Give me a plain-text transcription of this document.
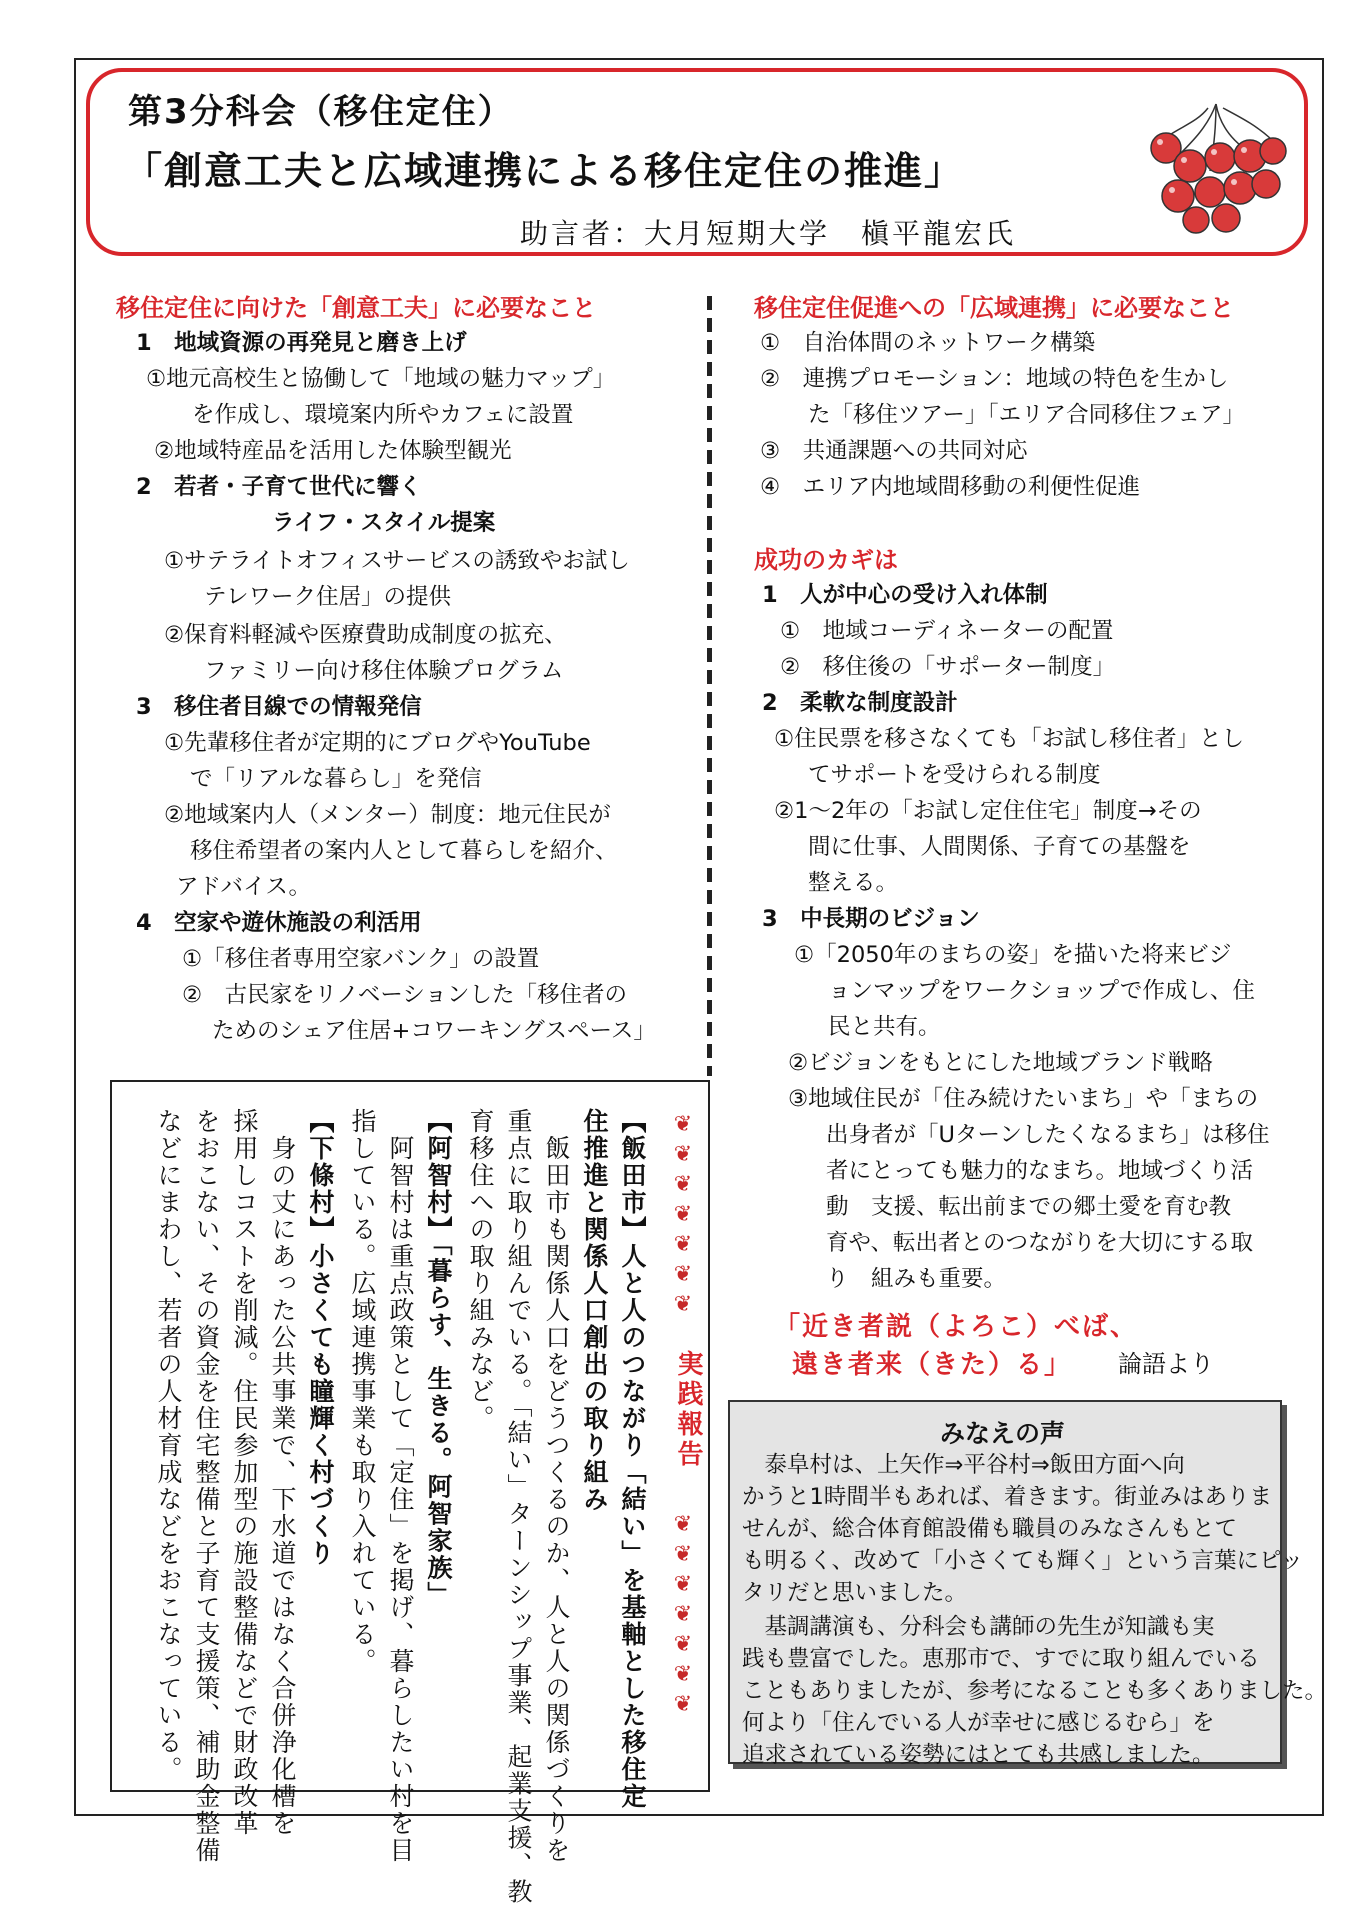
第3分科会（移住定住）
「創意工夫と広域連携による移住定住の推進」
助言者：大月短期大学　槇平龍宏氏
移住定住に向けた「創意工夫」に必要なこと
1　 地域資源の再発見と磨き上げ
①地元高校生と協働して「地域の魅力マップ」
を作成し、環境案内所やカフェに設置
②地域特産品を活用した体験型観光
2　 若者・子育て世代に響く
ライフ・スタイル提案
①サテライトオフィスサービスの誘致やお試し
テレワーク住居」の提供
②保育料軽減や医療費助成制度の拡充、
ファミリー向け移住体験プログラム
3　 移住者目線での情報発信
①先輩移住者が定期的にブログやYouTube
で「リアルな暮らし」を発信
②地域案内人（メンター）制度：地元住民が
移住希望者の案内人として暮らしを紹介、
アドバイス。
4　 空家や遊休施設の利活用
①「移住者専用空家バンク」の設置
②　古民家をリノベーションした「移住者の
ためのシェア住居+コワーキングスペース」
移住定住促進への「広域連携」に必要なこと
①　自治体間のネットワーク構築
②　連携プロモーション：地域の特色を生かし
た「移住ツアー」「エリア合同移住フェア」
③　共通課題への共同対応
④　エリア内地域間移動の利便性促進
成功のカギは
1　 人が中心の受け入れ体制
①　地域コーディネーターの配置
②　移住後の「サポーター制度」
2　 柔軟な制度設計
①住民票を移さなくても「お試し移住者」とし
てサポートを受けられる制度
②1～2年の「お試し定住住宅」制度→その
間に仕事、人間関係、子育ての基盤を
整える。
3　 中長期のビジョン
①「2050年のまちの姿」を描いた将来ビジ
ョンマップをワークショップで作成し、住
民と共有。
②ビジョンをもとにした地域ブランド戦略
③地域住民が「住み続けたいまち」や「まちの
出身者が「Uターンしたくなるまち」は移住
者にとっても魅力的なまち。地域づくり活
動　支援、転出前までの郷土愛を育む教
育や、転出者とのつながりを大切にする取
り　組みも重要。
「近き者説（よろこ）べば、
遠き者来（きた）る」 論語より
❦
❦
❦
❦
❦
❦
❦
実践報告
❦
❦
❦
❦
❦
❦
❦
【飯田市】人と人のつながり「結い」を基軸とした移住定
住推進と関係人口創出の取り組み
　飯田市も関係人口をどうつくるのか、人と人の関係づくりを
重点に取り組んでいる。「結い」ターンシップ事業、起業支援、教
育移住への取り組みなど。
【阿智村】「暮らす、生きる。阿智家族」
　阿智村は重点政策として「定住」を掲げ、暮らしたい村を目
指している。広域連携事業も取り入れている。
【下條村】小さくても瞳輝く村づくり
　身の丈にあった公共事業で、下水道ではなく合併浄化槽を
採用しコストを削減。住民参加型の施設整備などで財政改革
をおこない、その資金を住宅整備と子育て支援策、補助金整備
などにまわし、若者の人材育成などをおこなっている。	みなえの声
　泰阜村は、上矢作⇒平谷村⇒飯田方面へ向
かうと1時間半もあれば、着きます。街並みはありま
せんが、総合体育館設備も職員のみなさんもとて
も明るく、改めて「小さくても輝く」という言葉にピッ
タリだと思いました。
　基調講演も、分科会も講師の先生が知識も実
践も豊富でした。恵那市で、すでに取り組んでいる
こともありましたが、参考になることも多くありました。
何より「住んでいる人が幸せに感じるむら」を
追求されている姿勢にはとても共感しました。
